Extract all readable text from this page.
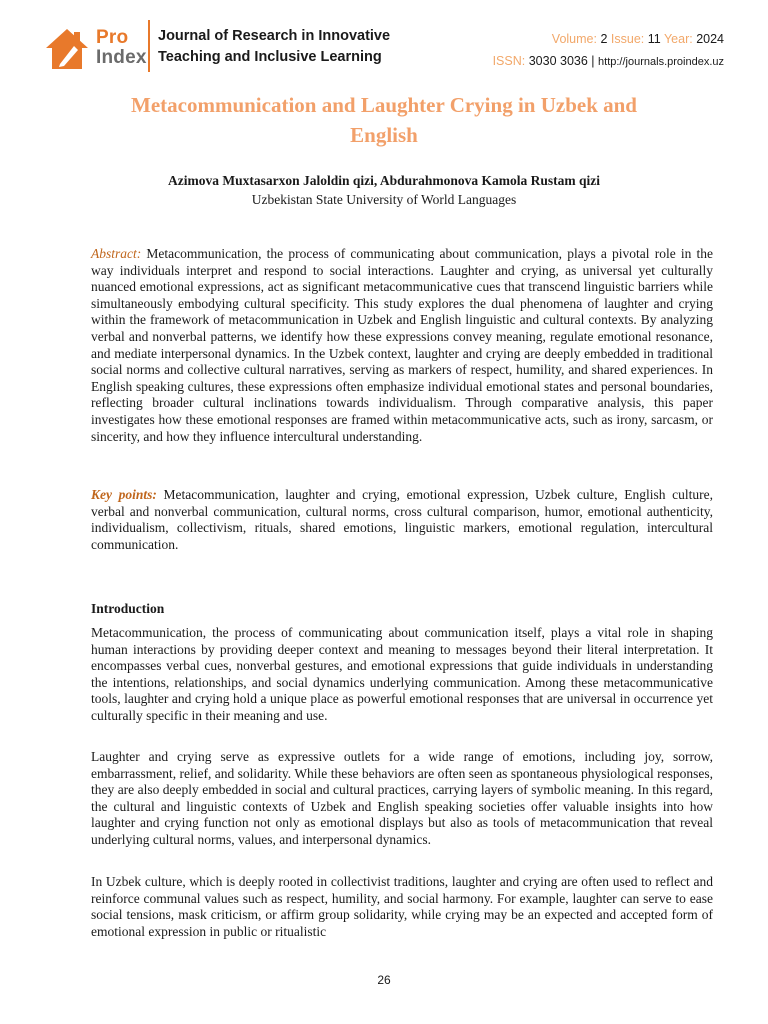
Pro
Index
Journal of Research in Innovative
Teaching and Inclusive Learning
Volume: 2 Issue: 11 Year: 2024
ISSN: 3030 3036 | http://journals.proindex.uz
Metacommunication and Laughter Crying in Uzbek and
English
Azimova Muxtasarxon Jaloldin qizi, Abdurahmonova Kamola Rustam qizi
Uzbekistan State University of World Languages
Abstract: Metacommunication, the process of communicating about communication, plays a pivotal role in the way individuals interpret and respond to social interactions. Laughter and crying, as universal yet culturally nuanced emotional expressions, act as significant metacommunicative cues that transcend linguistic barriers while simultaneously embodying cultural specificity. This study explores the dual phenomena of laughter and crying within the framework of metacommunication in Uzbek and English linguistic and cultural contexts. By analyzing verbal and nonverbal patterns, we identify how these expressions convey meaning, regulate emotional resonance, and mediate interpersonal dynamics. In the Uzbek context, laughter and crying are deeply embedded in traditional social norms and collective cultural narratives, serving as markers of respect, humility, and shared experiences. In English speaking cultures, these expressions often emphasize individual emotional states and personal boundaries, reflecting broader cultural inclinations towards individualism. Through comparative analysis, this paper investigates how these emotional responses are framed within metacommunicative acts, such as irony, sarcasm, or sincerity, and how they influence intercultural understanding.
Key points: Metacommunication, laughter and crying, emotional expression, Uzbek culture, English culture, verbal and nonverbal communication, cultural norms, cross cultural comparison, humor, emotional authenticity, individualism, collectivism, rituals, shared emotions, linguistic markers, emotional regulation, intercultural communication.
Introduction

Metacommunication, the process of communicating about communication itself, plays a vital role in shaping human interactions by providing deeper context and meaning to messages beyond their literal interpretation. It encompasses verbal cues, nonverbal gestures, and emotional expressions that guide individuals in understanding the intentions, relationships, and social dynamics underlying communication. Among these metacommunicative tools, laughter and crying hold a unique place as powerful emotional responses that are universal in occurrence yet culturally specific in their meaning and use.

Laughter and crying serve as expressive outlets for a wide range of emotions, including joy, sorrow, embarrassment, relief, and solidarity. While these behaviors are often seen as spontaneous physiological responses, they are also deeply embedded in social and cultural practices, carrying layers of symbolic meaning. In this regard, the cultural and linguistic contexts of Uzbek and English speaking societies offer valuable insights into how laughter and crying function not only as emotional displays but also as tools of metacommunication that reveal underlying cultural norms, values, and interpersonal dynamics.

In Uzbek culture, which is deeply rooted in collectivist traditions, laughter and crying are often used to reflect and reinforce communal values such as respect, humility, and social harmony. For example, laughter can serve to ease social tensions, mask criticism, or affirm group solidarity, while crying may be an expected and accepted form of emotional expression in public or ritualistic

26
